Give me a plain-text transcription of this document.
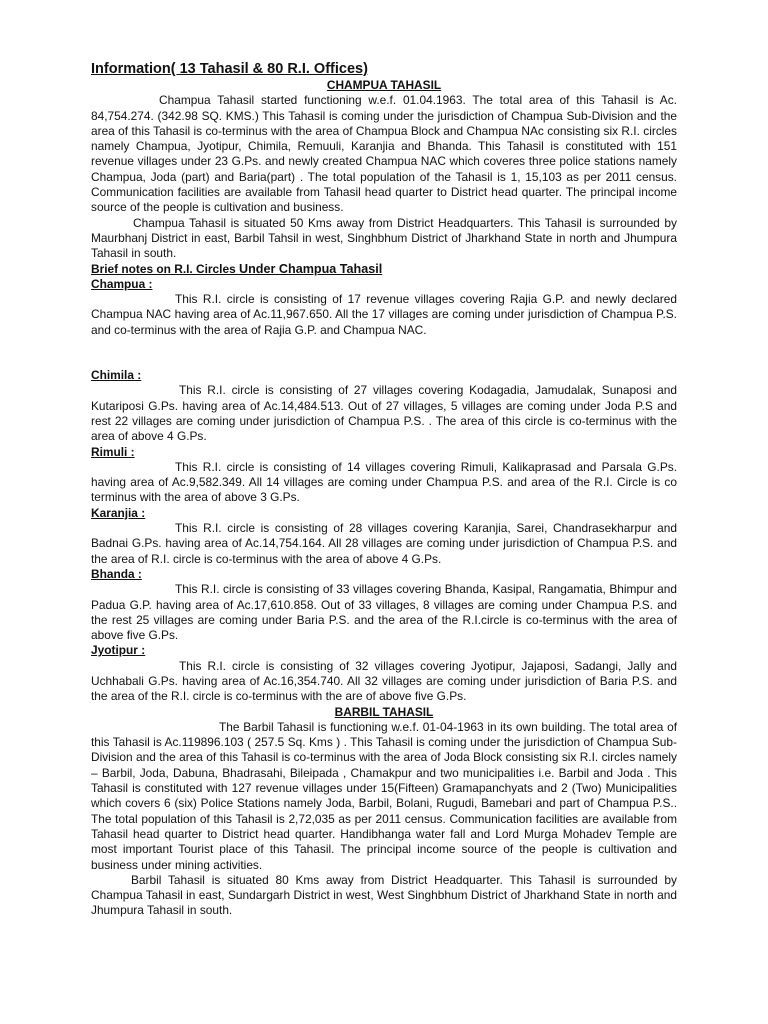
Information( 13 Tahasil & 80 R.I. Offices)

CHAMPUA TAHASIL

Champua Tahasil started functioning w.e.f. 01.04.1963. The total area of this Tahasil is Ac. 84,754.274. (342.98 SQ. KMS.) This Tahasil is coming under the jurisdiction of Champua Sub-Division and the area of this Tahasil is co-terminus with the area of Champua Block and Champua NAc consisting six R.I. circles namely Champua, Jyotipur, Chimila, Remuuli, Karanjia and Bhanda. This Tahasil is constituted with 151 revenue villages under 23 G.Ps. and newly created Champua NAC which coveres three police stations namely Champua, Joda (part) and Baria(part) . The total population of the Tahasil is 1, 15,103 as per 2011 census. Communication facilities are available from Tahasil head quarter to District head quarter. The principal income source of the people is cultivation and business.

Champua Tahasil is situated 50 Kms away from District Headquarters. This Tahasil is surrounded by Maurbhanj District in east, Barbil Tahsil in west, Singhbhum District of Jharkhand State in north and Jhumpura Tahasil in south.

Brief notes on R.I. Circles Under Champua Tahasil

Champua :

This R.I. circle is consisting of 17 revenue villages covering Rajia G.P. and newly declared Champua NAC having area of Ac.11,967.650. All the 17 villages are coming under jurisdiction of Champua P.S. and co-terminus with the area of Rajia G.P. and Champua NAC.

Chimila :

This R.I. circle is consisting of 27 villages covering Kodagadia, Jamudalak, Sunaposi and Kutariposi G.Ps. having area of Ac.14,484.513. Out of 27 villages, 5 villages are coming under Joda P.S and rest 22 villages are coming under jurisdiction of Champua P.S. . The area of this circle is co-terminus with the area of above 4 G.Ps.

Rimuli :

This R.I. circle is consisting of 14 villages covering Rimuli, Kalikaprasad and Parsala G.Ps. having area of Ac.9,582.349. All 14 villages are coming under Champua P.S. and area of the R.I. Circle is co terminus with the area of above 3 G.Ps.

Karanjia :

This R.I. circle is consisting of 28 villages covering Karanjia, Sarei, Chandrasekharpur and Badnai G.Ps. having area of Ac.14,754.164. All 28 villages are coming under jurisdiction of Champua P.S. and the area of R.I. circle is co-terminus with the area of above 4 G.Ps.

Bhanda :

This R.I. circle is consisting of 33 villages covering Bhanda, Kasipal, Rangamatia, Bhimpur and Padua G.P. having area of Ac.17,610.858. Out of 33 villages, 8 villages are coming under Champua P.S. and the rest 25 villages are coming under Baria P.S. and the area of the R.I.circle is co-terminus with the area of above five G.Ps.

Jyotipur :

This R.I. circle is consisting of 32 villages covering Jyotipur, Jajaposi, Sadangi, Jally and Uchhabali G.Ps. having area of Ac.16,354.740. All 32 villages are coming under jurisdiction of Baria P.S. and the area of the R.I. circle is co-terminus with the are of above five G.Ps.

BARBIL TAHASIL

The Barbil Tahasil is functioning w.e.f. 01-04-1963 in its own building. The total area of this Tahasil is Ac.119896.103 ( 257.5 Sq. Kms ) . This Tahasil is coming under the jurisdiction of Champua Sub-Division and the area of this Tahasil is co-terminus with the area of Joda Block consisting six R.I. circles namely – Barbil, Joda, Dabuna, Bhadrasahi, Bileipada , Chamakpur and two municipalities i.e. Barbil and Joda . This Tahasil is constituted with 127 revenue villages under 15(Fifteen) Gramapanchyats and 2 (Two) Municipalities which covers 6 (six) Police Stations namely Joda, Barbil, Bolani, Rugudi, Bamebari and part of Champua P.S.. The total population of this Tahasil is 2,72,035 as per 2011 census. Communication facilities are available from Tahasil head quarter to District head quarter. Handibhanga water fall and Lord Murga Mohadev Temple are most important Tourist place of this Tahasil. The principal income source of the people is cultivation and business under mining activities.

Barbil Tahasil is situated 80 Kms away from District Headquarter. This Tahasil is surrounded by Champua Tahasil in east, Sundargarh District in west, West Singhbhum District of Jharkhand State in north and Jhumpura Tahasil in south.
